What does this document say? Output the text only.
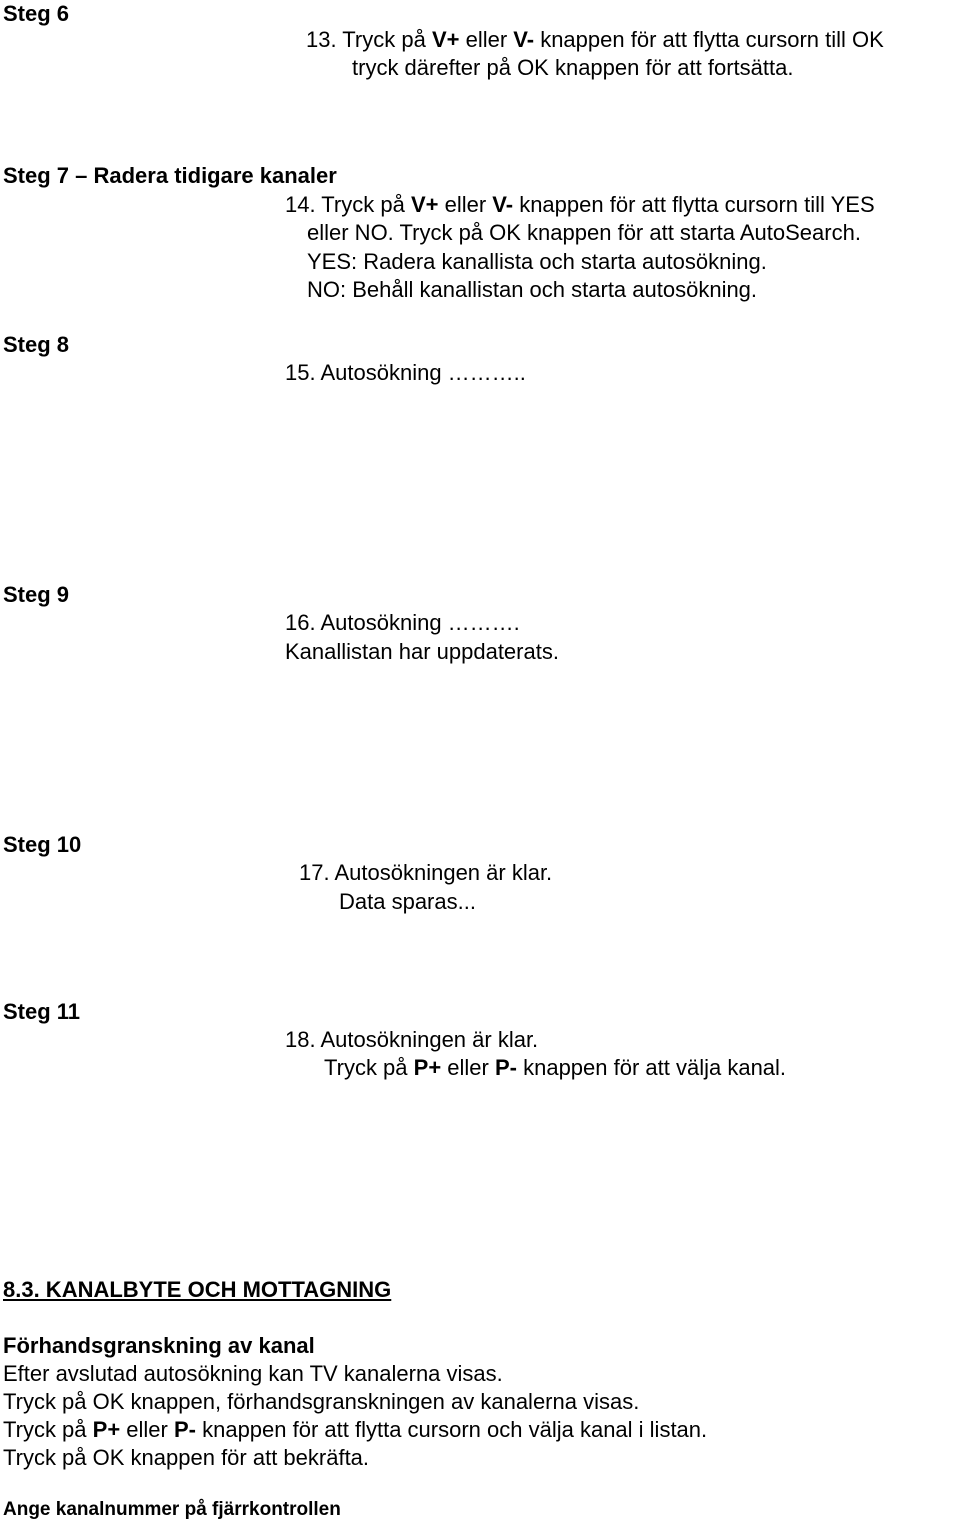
Steg 6
13. Tryck på V+ eller V- knappen för att flytta cursorn till OK
tryck därefter på OK knappen för att fortsätta.
Steg 7 – Radera tidigare kanaler
14. Tryck på V+ eller V- knappen för att flytta cursorn till YES
eller NO. Tryck på OK knappen för att starta AutoSearch.
YES: Radera kanallista och starta autosökning.
NO: Behåll kanallistan och starta autosökning.
Steg 8
15. Autosökning ………..
Steg 9
16. Autosökning ……….
Kanallistan har uppdaterats.
Steg 10
17. Autosökningen är klar.
Data sparas...
Steg 11
18. Autosökningen är klar.
Tryck på P+ eller P- knappen för att välja kanal.
8.3. KANALBYTE OCH MOTTAGNING
Förhandsgranskning av kanal
Efter avslutad autosökning kan TV kanalerna visas.
Tryck på OK knappen, förhandsgranskningen av kanalerna visas.
Tryck på P+ eller P- knappen för att flytta cursorn och välja kanal i listan.
Tryck på OK knappen för att bekräfta.
Ange kanalnummer på fjärrkontrollen
